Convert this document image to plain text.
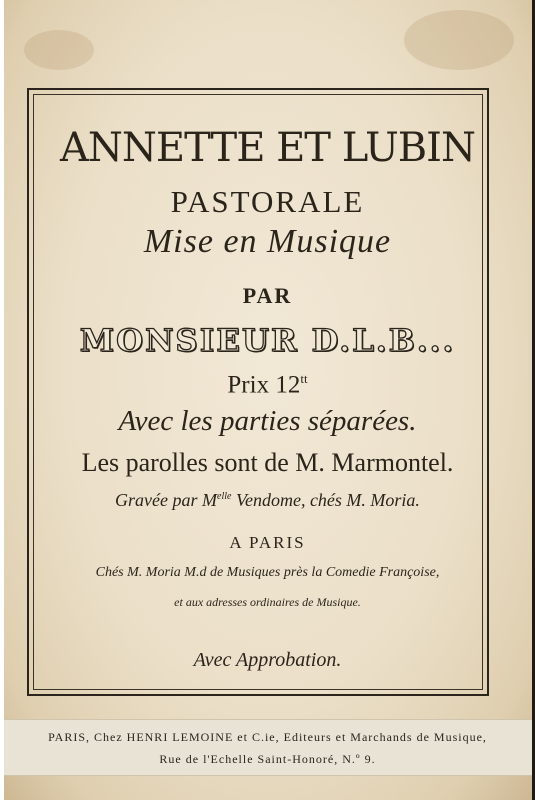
ANNETTE ET LUBIN
PASTORALE
Mise en Musique
PAR
MONSIEUR D.L.B...
Prix $12^{tt}$
Avec les parties séparées.
Les parolles sont de M. Marmontel.
Gravée par $M^{elle}$ Vendome, chés M. Moria.
A PARIS
Chés M. Moria M.d de Musiques près la Comedie Françoise,
et aux adresses ordinaires de Musique.
Avec Approbation.
PARIS, Chez HENRI LEMOINE et C.ie, Editeurs et Marchands de Musique,
Rue de l'Echelle Saint-Honoré, N.º 9.
